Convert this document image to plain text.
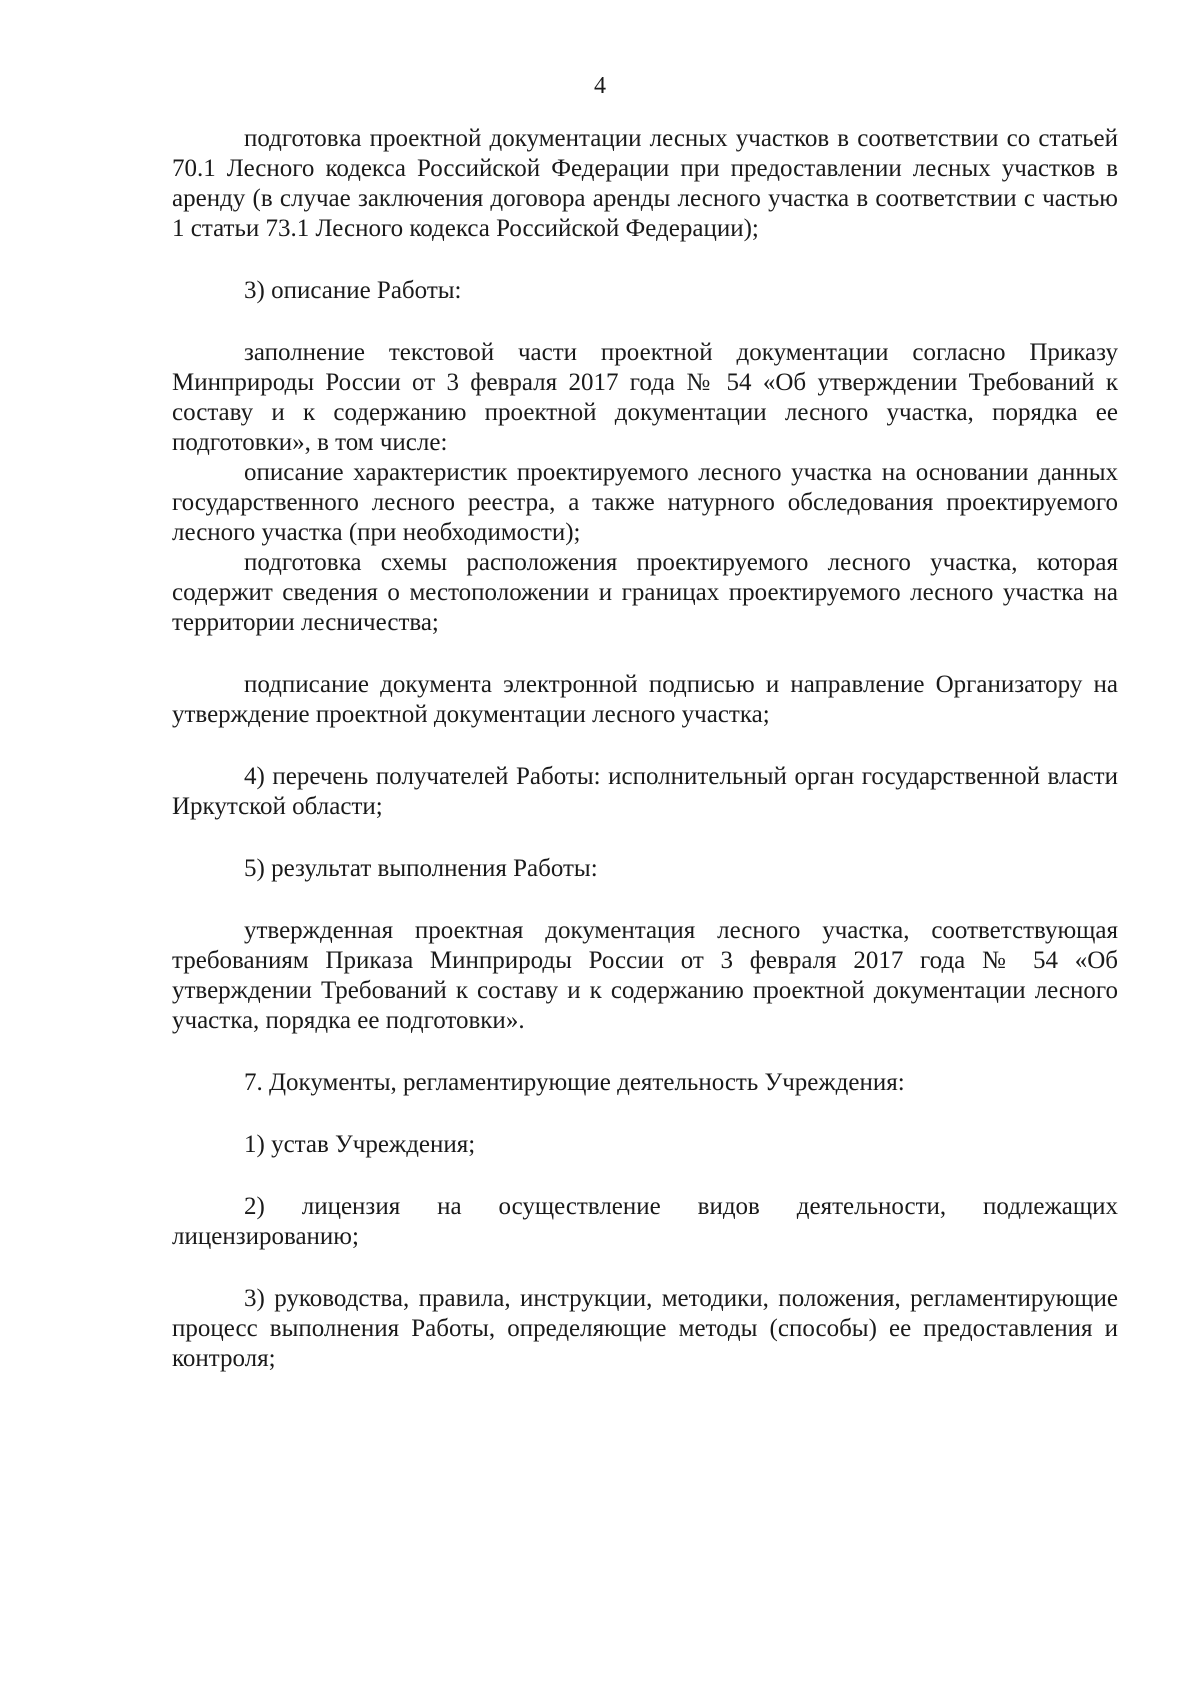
4

подготовка проектной документации лесных участков в соответствии со статьей 70.1 Лесного кодекса Российской Федерации при предоставлении лесных участков в аренду (в случае заключения договора аренды лесного участка в соответствии с частью 1 статьи 73.1 Лесного кодекса Российской Федерации);

3) описание Работы:

заполнение текстовой части проектной документации согласно Приказу Минприроды России от 3 февраля 2017 года № 54 «Об утверждении Требований к составу и к содержанию проектной документации лесного участка, порядка ее подготовки», в том числе:

описание характеристик проектируемого лесного участка на основании данных государственного лесного реестра, а также натурного обследования проектируемого лесного участка (при необходимости);

подготовка схемы расположения проектируемого лесного участка, которая содержит сведения о местоположении и границах проектируемого лесного участка на территории лесничества;

подписание документа электронной подписью и направление Организатору на утверждение проектной документации лесного участка;

4) перечень получателей Работы: исполнительный орган государственной власти Иркутской области;

5) результат выполнения Работы:

утвержденная проектная документация лесного участка, соответствующая требованиям Приказа Минприроды России от 3 февраля 2017 года № 54 «Об утверждении Требований к составу и к содержанию проектной документации лесного участка, порядка ее подготовки».

7. Документы, регламентирующие деятельность Учреждения:

1) устав Учреждения;

2) лицензия на осуществление видов деятельности, подлежащих лицензированию;

3) руководства, правила, инструкции, методики, положения, регламентирующие процесс выполнения Работы, определяющие методы (способы) ее предоставления и контроля;
